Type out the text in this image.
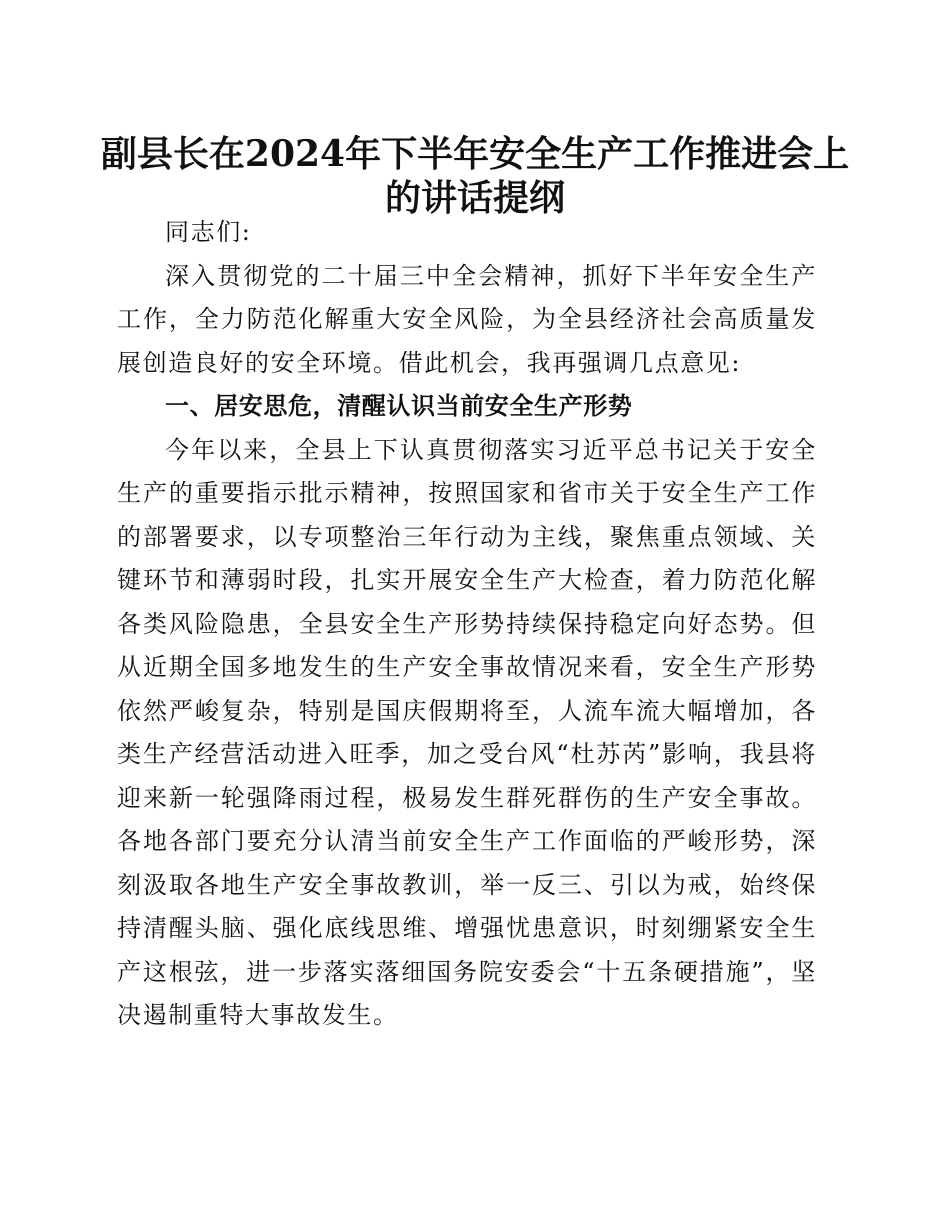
副县长在2024年下半年安全生产工作推进会上的讲话提纲

同志们:

深入贯彻党的二十届三中全会精神，抓好下半年安全生产工作，全力防范化解重大安全风险，为全县经济社会高质量发展创造良好的安全环境。借此机会，我再强调几点意见:

一、居安思危，清醒认识当前安全生产形势

今年以来，全县上下认真贯彻落实习近平总书记关于安全生产的重要指示批示精神，按照国家和省市关于安全生产工作的部署要求，以专项整治三年行动为主线，聚焦重点领域、关键环节和薄弱时段，扎实开展安全生产大检查，着力防范化解各类风险隐患，全县安全生产形势持续保持稳定向好态势。但从近期全国多地发生的生产安全事故情况来看，安全生产形势依然严峻复杂，特别是国庆假期将至，人流车流大幅增加，各类生产经营活动进入旺季，加之受台风“杜苏芮”影响，我县将迎来新一轮强降雨过程，极易发生群死群伤的生产安全事故。各地各部门要充分认清当前安全生产工作面临的严峻形势，深刻汲取各地生产安全事故教训，举一反三、引以为戒，始终保持清醒头脑、强化底线思维、增强忧患意识，时刻绷紧安全生产这根弦，进一步落实落细国务院安委会“十五条硬措施”，坚决遏制重特大事故发生。
